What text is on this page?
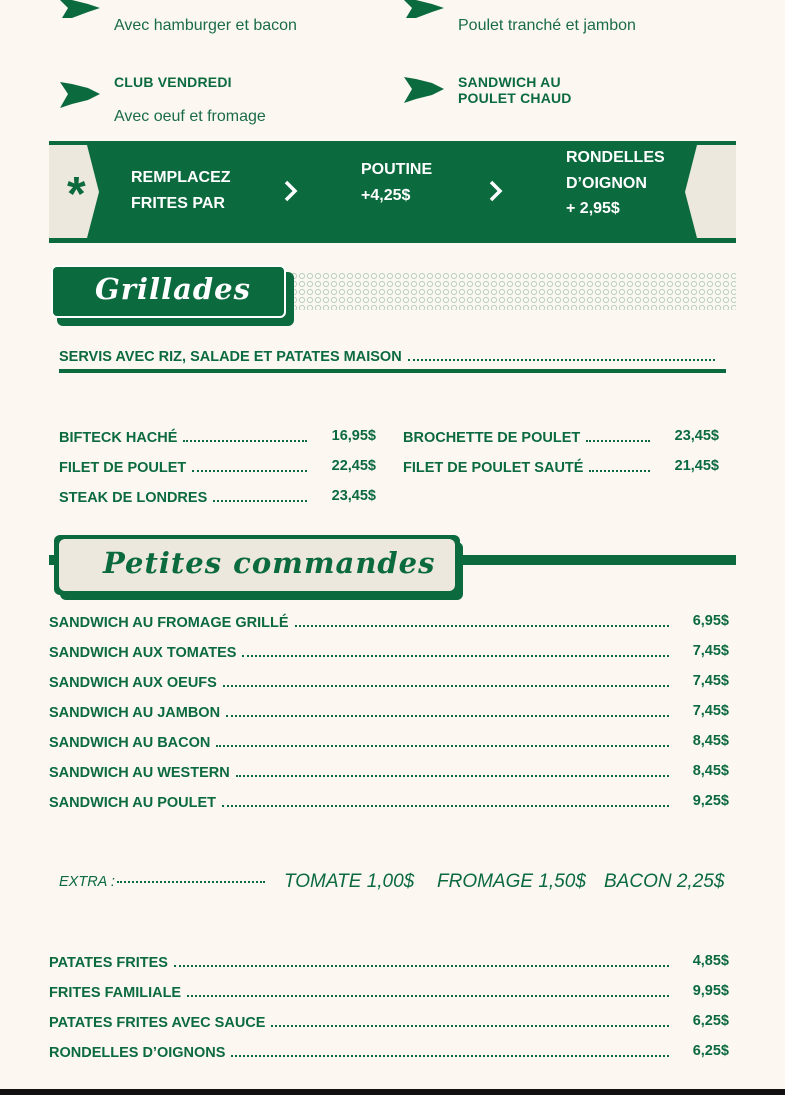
Avec hamburger et bacon	Poulet tranché et jambon
CLUB VENDREDI
Avec oeuf et fromage
SANDWICH AU
POULET CHAUD
*	REMPLACEZ
FRITES PAR
POUTINE
+4,25$
RONDELLES
D’OIGNON
+ 2,95$
Grillades
SERVIS AVEC RIZ, SALADE ET PATATES MAISON
BIFTECK HACHÉ	16,95$
FILET DE POULET	22,45$
STEAK DE LONDRES	23,45$
BROCHETTE DE POULET	23,45$
FILET DE POULET SAUTÉ	21,45$
Petites commandes
SANDWICH AU FROMAGE GRILLÉ	6,95$
SANDWICH AUX TOMATES	7,45$
SANDWICH AUX OEUFS	7,45$
SANDWICH AU JAMBON	7,45$
SANDWICH AU BACON	8,45$
SANDWICH AU WESTERN	8,45$
SANDWICH AU POULET	9,25$
EXTRA :	TOMATE 1,00$ FROMAGE 1,50$ BACON 2,25$
PATATES FRITES	4,85$
FRITES FAMILIALE	9,95$
PATATES FRITES AVEC SAUCE	6,25$
RONDELLES D’OIGNONS	6,25$
